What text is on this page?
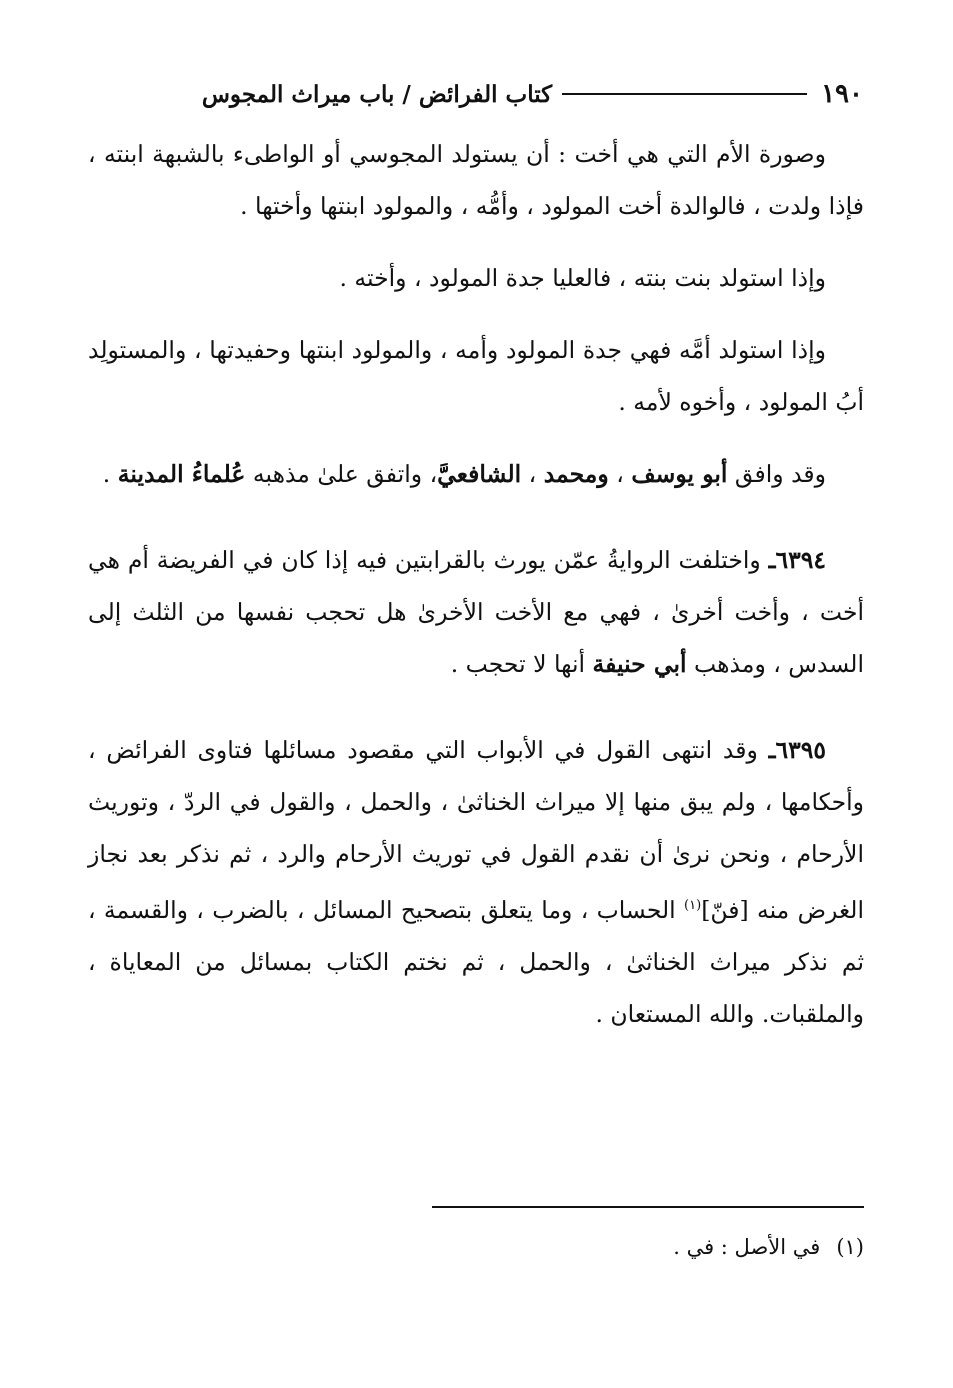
١٩٠
كتاب الفرائض / باب ميراث المجوس

وصورة الأم التي هي أخت : أن يستولد المجوسي أو الواطىء بالشبهة ابنته ، فإذا ولدت ، فالوالدة أخت المولود ، وأمُّه ، والمولود ابنتها وأختها .

وإذا استولد بنت بنته ، فالعليا جدة المولود ، وأخته .

وإذا استولد أمَّه فهي جدة المولود وأمه ، والمولود ابنتها وحفيدتها ، والمستولِد أبُ المولود ، وأخوه لأمه .

وقد وافق أبو يوسف ، ومحمد ، الشافعيَّ، واتفق علىٰ مذهبه عُلماءُ المدينة .

٦٣٩٤ـ واختلفت الروايةُ عمّن يورث بالقرابتين فيه إذا كان في الفريضة أم هي أخت ، وأخت أخرىٰ ، فهي مع الأخت الأخرىٰ هل تحجب نفسها من الثلث إلى السدس ، ومذهب أبي حنيفة أنها لا تحجب .

٦٣٩٥ـ وقد انتهى القول في الأبواب التي مقصود مسائلها فتاوى الفرائض ، وأحكامها ، ولم يبق منها إلا ميراث الخناثىٰ ، والحمل ، والقول في الردّ ، وتوريث الأرحام ، ونحن نرىٰ أن نقدم القول في توريث الأرحام والرد ، ثم نذكر بعد نجاز الغرض منه [فنّ]$^{(١)}$ الحساب ، وما يتعلق بتصحيح المسائل ، بالضرب ، والقسمة ، ثم نذكر ميراث الخناثىٰ ، والحمل ، ثم نختم الكتاب بمسائل من المعاياة ، والملقبات. والله المستعان .

(١)في الأصل : في .
